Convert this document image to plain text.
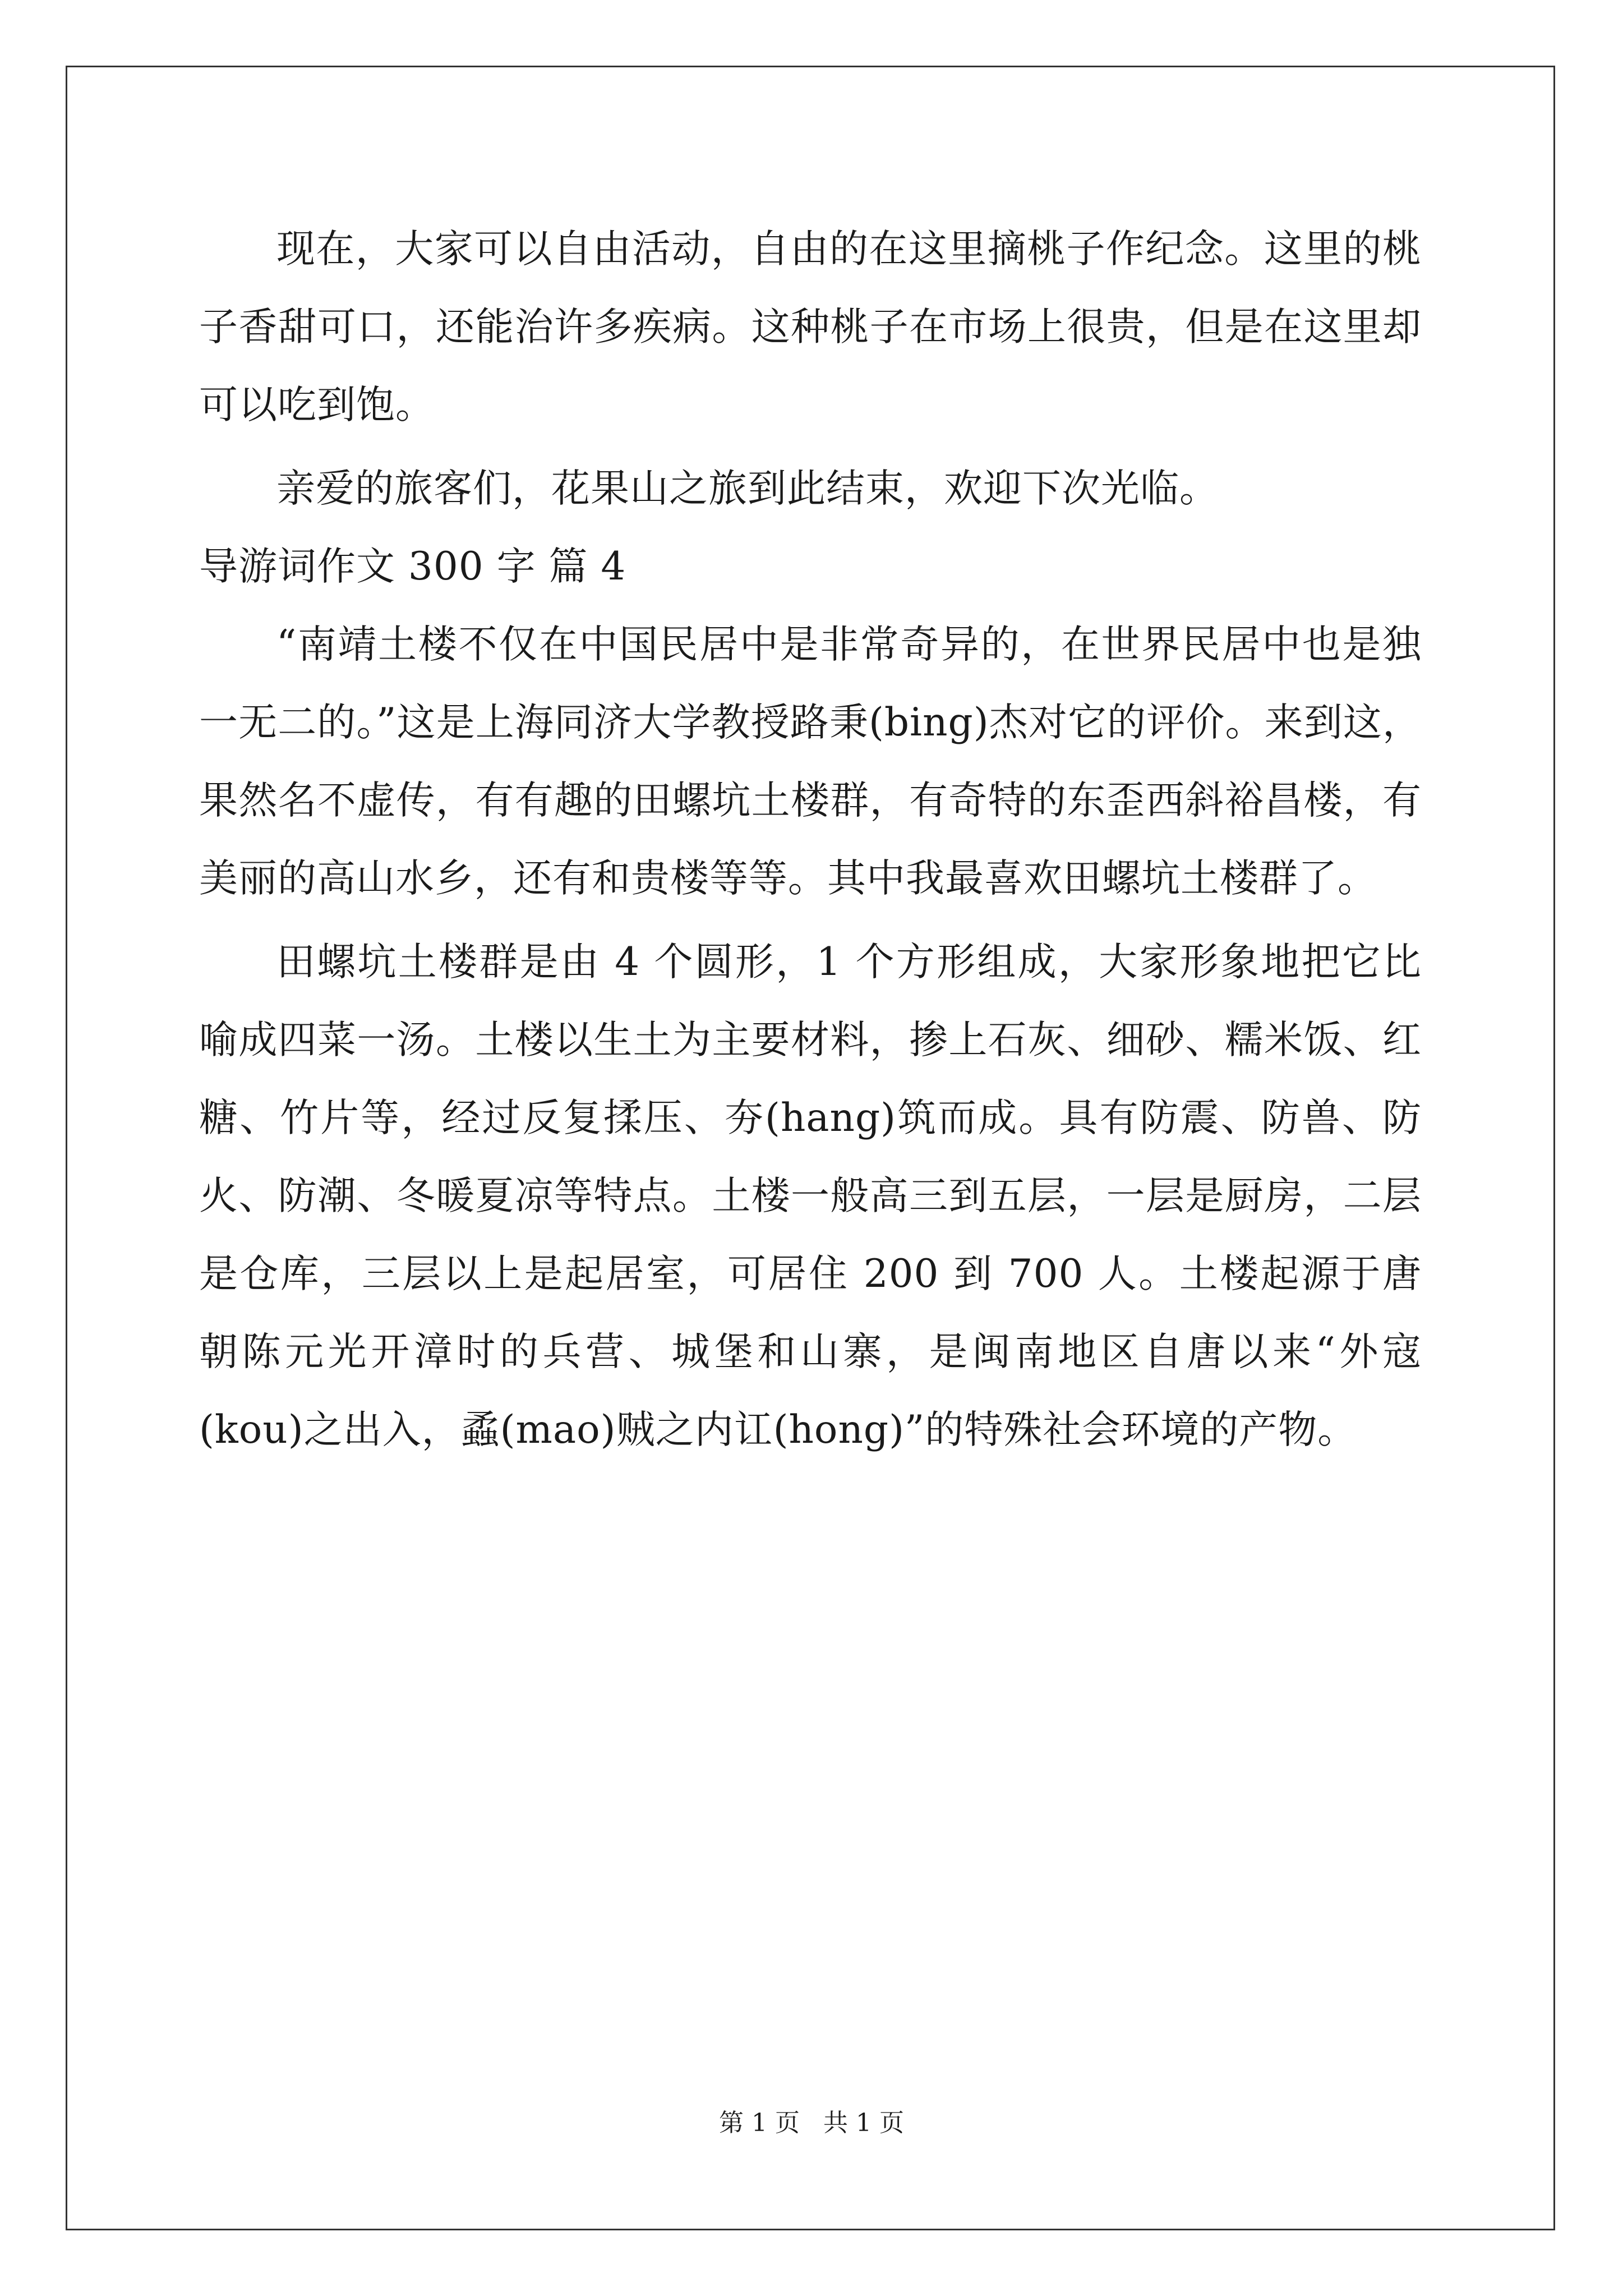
现在，大家可以自由活动，自由的在这里摘桃子作纪念。这里的桃子香甜可口，还能治许多疾病。这种桃子在市场上很贵，但是在这里却可以吃到饱。

亲爱的旅客们，花果山之旅到此结束，欢迎下次光临。

导游词作文 300 字 篇 4

“南靖土楼不仅在中国民居中是非常奇异的，在世界民居中也是独一无二的。”这是上海同济大学教授路秉(bing)杰对它的评价。来到这，果然名不虚传，有有趣的田螺坑土楼群，有奇特的东歪西斜裕昌楼，有美丽的高山水乡，还有和贵楼等等。其中我最喜欢田螺坑土楼群了。

田螺坑土楼群是由 4 个圆形，1 个方形组成，大家形象地把它比喻成四菜一汤。土楼以生土为主要材料，掺上石灰、细砂、糯米饭、红糖、竹片等，经过反复揉压、夯(hang)筑而成。具有防震、防兽、防火、防潮、冬暖夏凉等特点。土楼一般高三到五层，一层是厨房，二层是仓库，三层以上是起居室，可居住 200 到 700 人。土楼起源于唐朝陈元光开漳时的兵营、城堡和山寨，是闽南地区自唐以来“外寇(kou)之出入，蟊(mao)贼之内讧(hong)”的特殊社会环境的产物。

第 1 页 共 1 页
